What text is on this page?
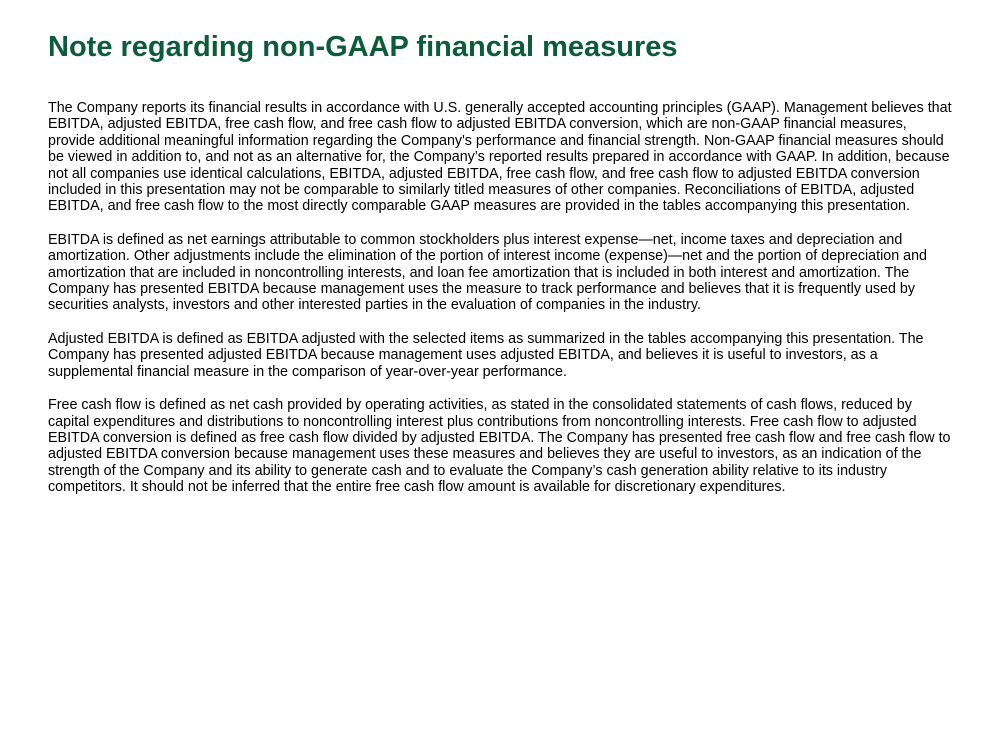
Note regarding non-GAAP financial measures

The Company reports its financial results in accordance with U.S. generally accepted accounting principles (GAAP). Management believes that EBITDA, adjusted EBITDA, free cash flow, and free cash flow to adjusted EBITDA conversion, which are non-GAAP financial measures, provide additional meaningful information regarding the Company's performance and financial strength. Non-GAAP financial measures should be viewed in addition to, and not as an alternative for, the Company’s reported results prepared in accordance with GAAP. In addition, because not all companies use identical calculations, EBITDA, adjusted EBITDA, free cash flow, and free cash flow to adjusted EBITDA conversion included in this presentation may not be comparable to similarly titled measures of other companies. Reconciliations of EBITDA, adjusted EBITDA, and free cash flow to the most directly comparable GAAP measures are provided in the tables accompanying this presentation.

EBITDA is defined as net earnings attributable to common stockholders plus interest expense—net, income taxes and depreciation and amortization. Other adjustments include the elimination of the portion of interest income (expense)—net and the portion of depreciation and amortization that are included in noncontrolling interests, and loan fee amortization that is included in both interest and amortization. The Company has presented EBITDA because management uses the measure to track performance and believes that it is frequently used by securities analysts, investors and other interested parties in the evaluation of companies in the industry.

Adjusted EBITDA is defined as EBITDA adjusted with the selected items as summarized in the tables accompanying this presentation. The Company has presented adjusted EBITDA because management uses adjusted EBITDA, and believes it is useful to investors, as a supplemental financial measure in the comparison of year-over-year performance.

Free cash flow is defined as net cash provided by operating activities, as stated in the consolidated statements of cash flows, reduced by capital expenditures and distributions to noncontrolling interest plus contributions from noncontrolling interests. Free cash flow to adjusted EBITDA conversion is defined as free cash flow divided by adjusted EBITDA. The Company has presented free cash flow and free cash flow to adjusted EBITDA conversion because management uses these measures and believes they are useful to investors, as an indication of the strength of the Company and its ability to generate cash and to evaluate the Company’s cash generation ability relative to its industry competitors. It should not be inferred that the entire free cash flow amount is available for discretionary expenditures.
